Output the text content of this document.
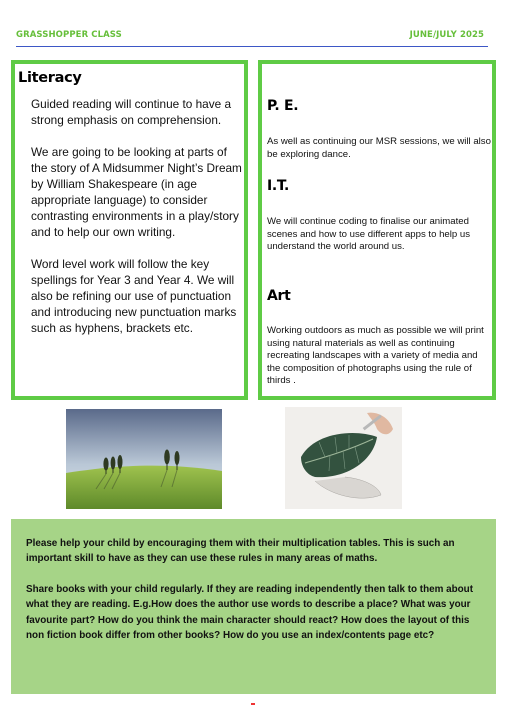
GRASSHOPPER CLASS	JUNE/JULY 2025
Literacy

Guided reading will continue to have a strong emphasis on comprehension.

We are going to be looking at parts of the story of A Midsummer Night’s Dream by William Shakespeare (in age appropriate language) to consider contrasting environments in a play/story and to help our own writing.

Word level work will follow the key spellings for Year 3 and Year 4. We will also be refining our use of punctuation and introducing new punctuation marks such as hyphens, brackets etc.

P. E.
As well as continuing our MSR sessions, we will also be exploring dance.
I.T.
We will continue coding to finalise our animated scenes and how to use different apps to help us understand the world around us.
Art
Working outdoors as much as possible we will print using natural materials as well as continuing recreating landscapes with a variety of media and the composition of photographs using the rule of thirds .
Please help your child by encouraging them with their multiplication tables. This is such an important skill to have as they can use these rules in many areas of maths.
Share books with your child regularly. If they are reading independently then talk to them about what they are reading. E.g.How does the author use words to describe a place? What was your favourite part? How do you think the main character should react? How does the layout of this non fiction book differ from other books? How do you use an index/contents page etc?
